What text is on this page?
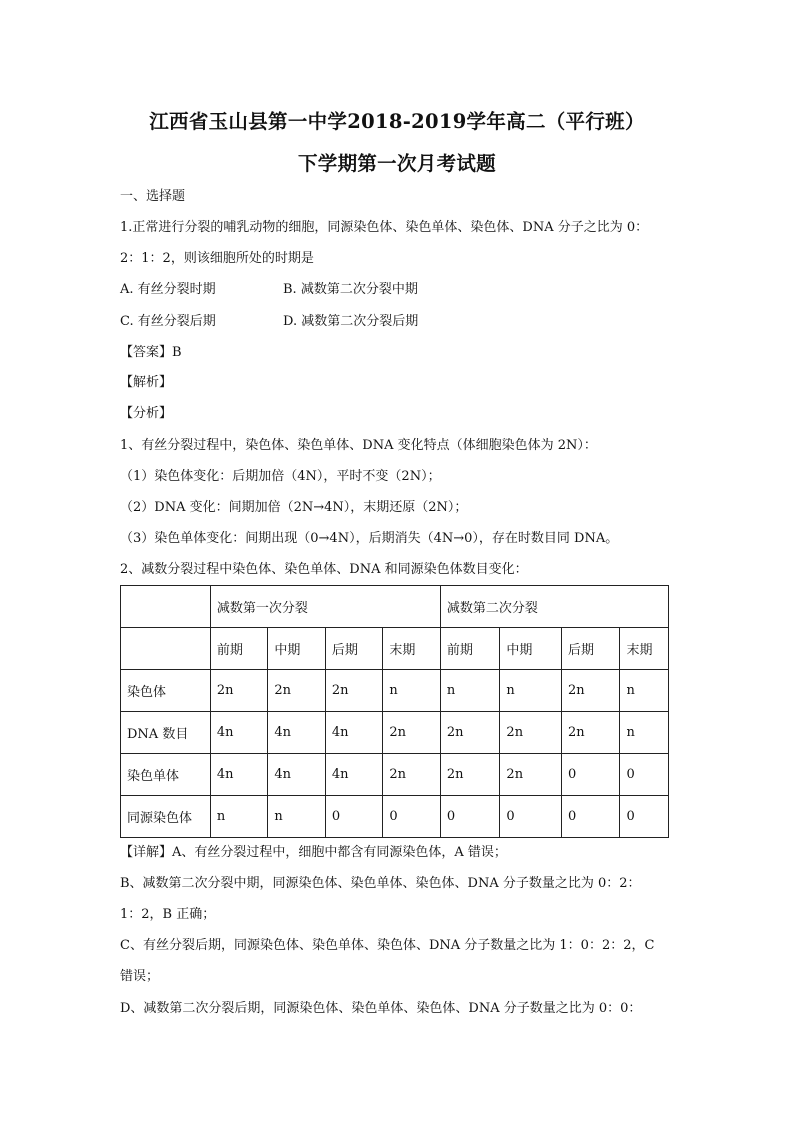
江西省玉山县第一中学2018-2019学年高二（平行班）
下学期第一次月考试题
一、选择题
1.正常进行分裂的哺乳动物的细胞，同源染色体、染色单体、染色体、DNA 分子之比为 0：
2：1：2，则该细胞所处的时期是
A. 有丝分裂时期	B. 减数第二次分裂中期
C. 有丝分裂后期	D. 减数第二次分裂后期
【答案】B
【解析】
【分析】
1、有丝分裂过程中，染色体、染色单体、DNA 变化特点（体细胞染色体为 2N）：
（1）染色体变化：后期加倍（4N），平时不变（2N）；
（2）DNA 变化：间期加倍（2N→4N），末期还原（2N）；
（3）染色单体变化：间期出现（0→4N），后期消失（4N→0），存在时数目同 DNA。
2、减数分裂过程中染色体、染色单体、DNA 和同源染色体数目变化：
	减数第一次分裂				减数第二次分裂			
	前期	中期	后期	末期	前期	中期	后期	末期
染色体	2n	2n	2n	n	n	n	2n	n
DNA 数目	4n	4n	4n	2n	2n	2n	2n	n
染色单体	4n	4n	4n	2n	2n	2n	0	0
同源染色体	n	n	0	0	0	0	0	0
【详解】A、有丝分裂过程中，细胞中都含有同源染色体，A 错误；
B、减数第二次分裂中期，同源染色体、染色单体、染色体、DNA 分子数量之比为 0：2：
1：2，B 正确；
C、有丝分裂后期，同源染色体、染色单体、染色体、DNA 分子数量之比为 1：0：2：2，C
错误；
D、减数第二次分裂后期，同源染色体、染色单体、染色体、DNA 分子数量之比为 0：0：
